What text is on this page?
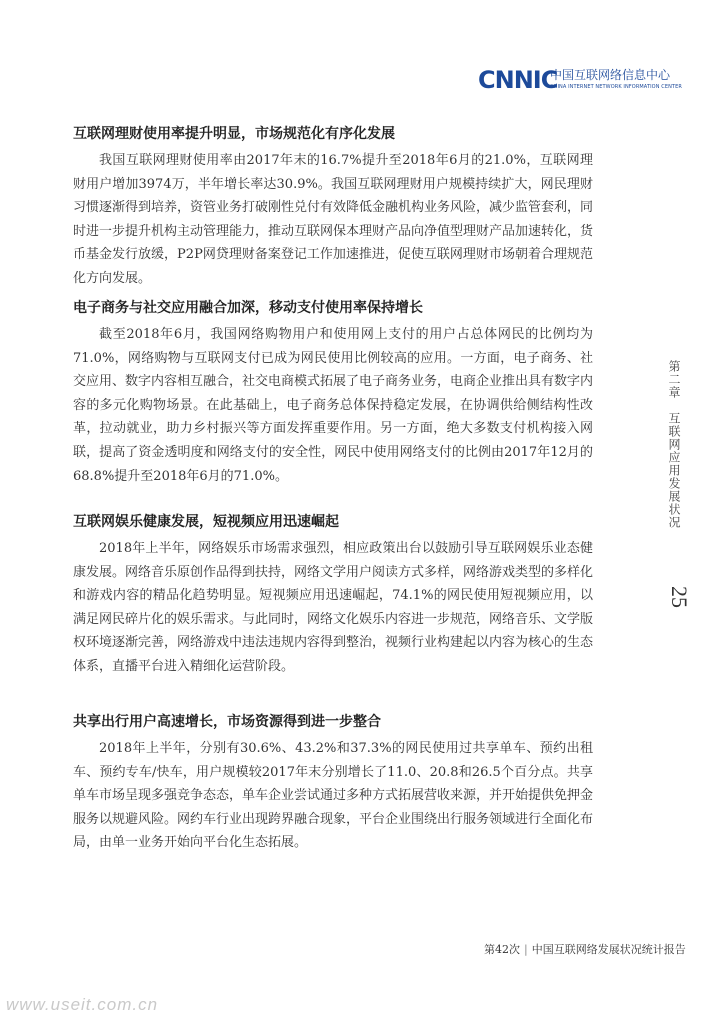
CNNIC
中国互联网络信息中心
CHINA INTERNET NETWORK INFORMATION CENTER
互联网理财使用率提升明显，市场规范化有序化发展

我国互联网理财使用率由2017年末的16.7%提升至2018年6月的21.0%，互联网理财用户增加3974万，半年增长率达30.9%。我国互联网理财用户规模持续扩大，网民理财习惯逐渐得到培养，资管业务打破刚性兑付有效降低金融机构业务风险，减少监管套利，同时进一步提升机构主动管理能力，推动互联网保本理财产品向净值型理财产品加速转化，货币基金发行放缓，P2P网贷理财备案登记工作加速推进，促使互联网理财市场朝着合理规范化方向发展。

电子商务与社交应用融合加深，移动支付使用率保持增长

截至2018年6月，我国网络购物用户和使用网上支付的用户占总体网民的比例均为71.0%，网络购物与互联网支付已成为网民使用比例较高的应用。一方面，电子商务、社交应用、数字内容相互融合，社交电商模式拓展了电子商务业务，电商企业推出具有数字内容的多元化购物场景。在此基础上，电子商务总体保持稳定发展，在协调供给侧结构性改革，拉动就业，助力乡村振兴等方面发挥重要作用。另一方面，绝大多数支付机构接入网联，提高了资金透明度和网络支付的安全性，网民中使用网络支付的比例由2017年12月的68.8%提升至2018年6月的71.0%。

互联网娱乐健康发展，短视频应用迅速崛起

2018年上半年，网络娱乐市场需求强烈，相应政策出台以鼓励引导互联网娱乐业态健康发展。网络音乐原创作品得到扶持，网络文学用户阅读方式多样，网络游戏类型的多样化和游戏内容的精品化趋势明显。短视频应用迅速崛起，74.1%的网民使用短视频应用，以满足网民碎片化的娱乐需求。与此同时，网络文化娱乐内容进一步规范，网络音乐、文学版权环境逐渐完善，网络游戏中违法违规内容得到整治，视频行业构建起以内容为核心的生态体系，直播平台进入精细化运营阶段。

共享出行用户高速增长，市场资源得到进一步整合

2018年上半年，分别有30.6%、43.2%和37.3%的网民使用过共享单车、预约出租车、预约专车/快车，用户规模较2017年末分别增长了11.0、20.8和26.5个百分点。共享单车市场呈现多强竞争态态，单车企业尝试通过多种方式拓展营收来源，并开始提供免押金服务以规避风险。网约车行业出现跨界融合现象，平台企业围绕出行服务领域进行全面化布局，由单一业务开始向平台化生态拓展。

第二章　互联网应用发展状况
25
第42次 | 中国互联网络发展状况统计报告
www.useit.com.cn
